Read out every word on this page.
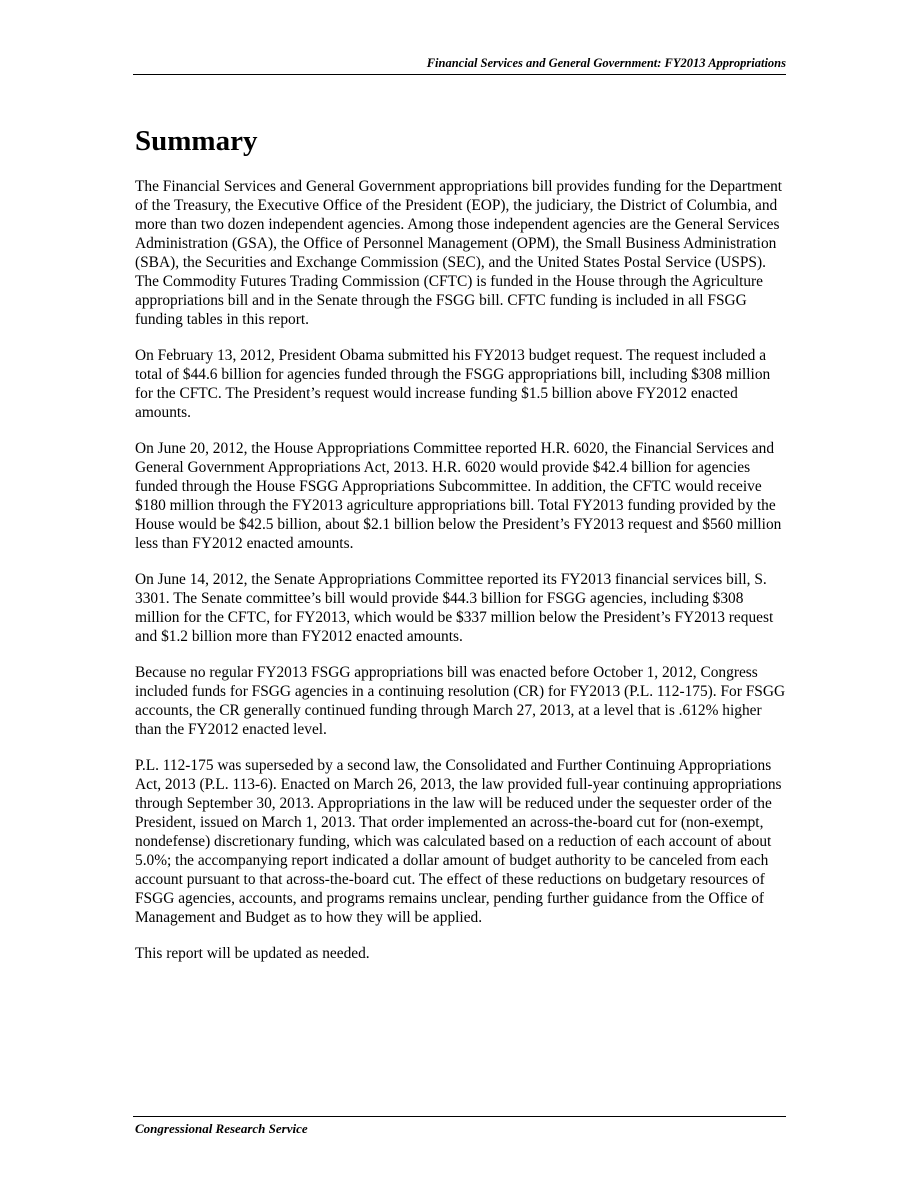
Financial Services and General Government: FY2013 Appropriations
Summary

The Financial Services and General Government appropriations bill provides funding for the Department of the Treasury, the Executive Office of the President (EOP), the judiciary, the District of Columbia, and more than two dozen independent agencies. Among those independent agencies are the General Services Administration (GSA), the Office of Personnel Management (OPM), the Small Business Administration (SBA), the Securities and Exchange Commission (SEC), and the United States Postal Service (USPS). The Commodity Futures Trading Commission (CFTC) is funded in the House through the Agriculture appropriations bill and in the Senate through the FSGG bill. CFTC funding is included in all FSGG funding tables in this report.

On February 13, 2012, President Obama submitted his FY2013 budget request. The request included a total of $44.6 billion for agencies funded through the FSGG appropriations bill, including $308 million for the CFTC. The President’s request would increase funding $1.5 billion above FY2012 enacted amounts.

On June 20, 2012, the House Appropriations Committee reported H.R. 6020, the Financial Services and General Government Appropriations Act, 2013. H.R. 6020 would provide $42.4 billion for agencies funded through the House FSGG Appropriations Subcommittee. In addition, the CFTC would receive $180 million through the FY2013 agriculture appropriations bill. Total FY2013 funding provided by the House would be $42.5 billion, about $2.1 billion below the President’s FY2013 request and $560 million less than FY2012 enacted amounts.

On June 14, 2012, the Senate Appropriations Committee reported its FY2013 financial services bill, S. 3301. The Senate committee’s bill would provide $44.3 billion for FSGG agencies, including $308 million for the CFTC, for FY2013, which would be $337 million below the President’s FY2013 request and $1.2 billion more than FY2012 enacted amounts.

Because no regular FY2013 FSGG appropriations bill was enacted before October 1, 2012, Congress included funds for FSGG agencies in a continuing resolution (CR) for FY2013 (P.L. 112-175). For FSGG accounts, the CR generally continued funding through March 27, 2013, at a level that is .612% higher than the FY2012 enacted level.

P.L. 112-175 was superseded by a second law, the Consolidated and Further Continuing Appropriations Act, 2013 (P.L. 113-6). Enacted on March 26, 2013, the law provided full-year continuing appropriations through September 30, 2013. Appropriations in the law will be reduced under the sequester order of the President, issued on March 1, 2013. That order implemented an across-the-board cut for (non-exempt, nondefense) discretionary funding, which was calculated based on a reduction of each account of about 5.0%; the accompanying report indicated a dollar amount of budget authority to be canceled from each account pursuant to that across-the-board cut. The effect of these reductions on budgetary resources of FSGG agencies, accounts, and programs remains unclear, pending further guidance from the Office of Management and Budget as to how they will be applied.

This report will be updated as needed.

Congressional Research Service
